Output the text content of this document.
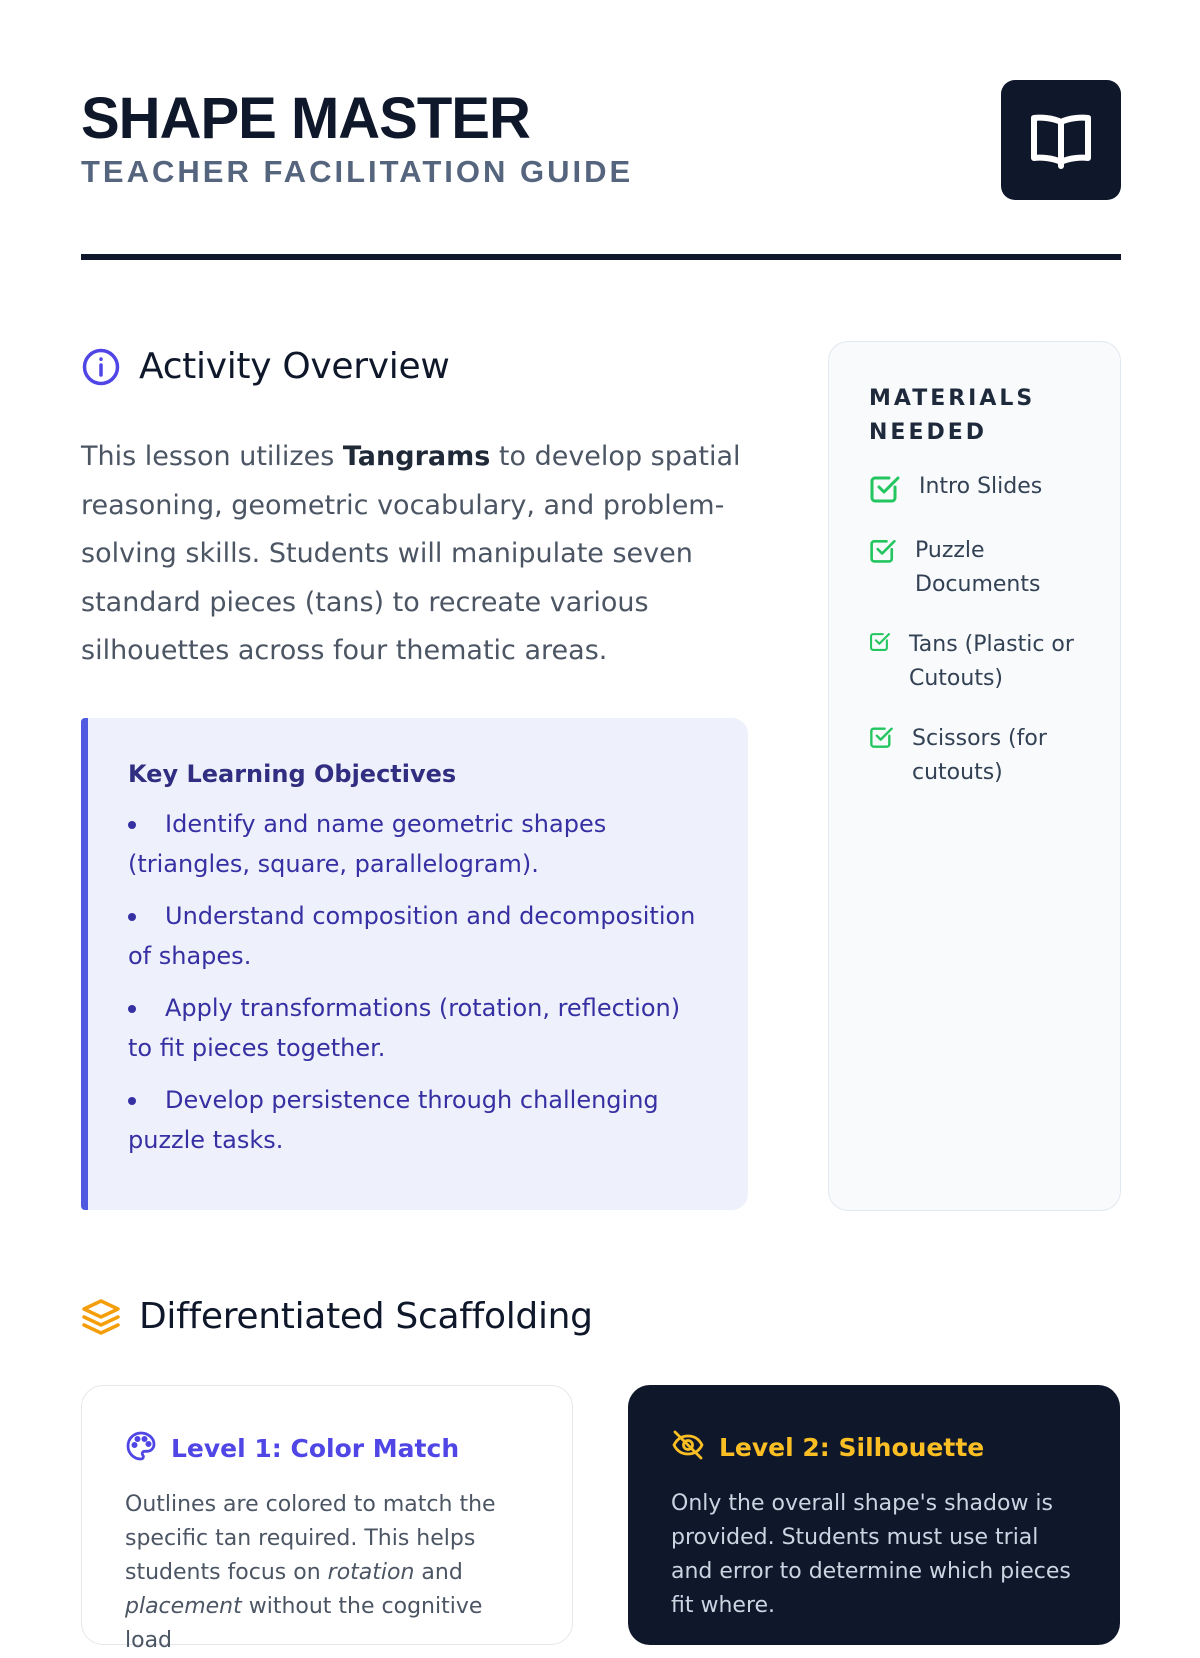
SHAPE MASTER
TEACHER FACILITATION GUIDE
Activity Overview
This lesson utilizes Tangrams to develop spatial reasoning, geometric vocabulary, and problem-solving skills. Students will manipulate seven standard pieces (tans) to recreate various silhouettes across four thematic areas.
Key Learning Objectives
Identify and name geometric shapes (triangles, square, parallelogram).
Understand composition and decomposition of shapes.
Apply transformations (rotation, reflection) to fit pieces together.
Develop persistence through challenging puzzle tasks.
MATERIALS NEEDED
Intro Slides
Puzzle Documents
Tans (Plastic or Cutouts)
Scissors (for cutouts)
Differentiated Scaffolding
Level 1: Color Match
Outlines are colored to match the specific tan required. This helps students focus on rotation and placement without the cognitive load
Level 2: Silhouette
Only the overall shape's shadow is provided. Students must use trial and error to determine which pieces fit where.
